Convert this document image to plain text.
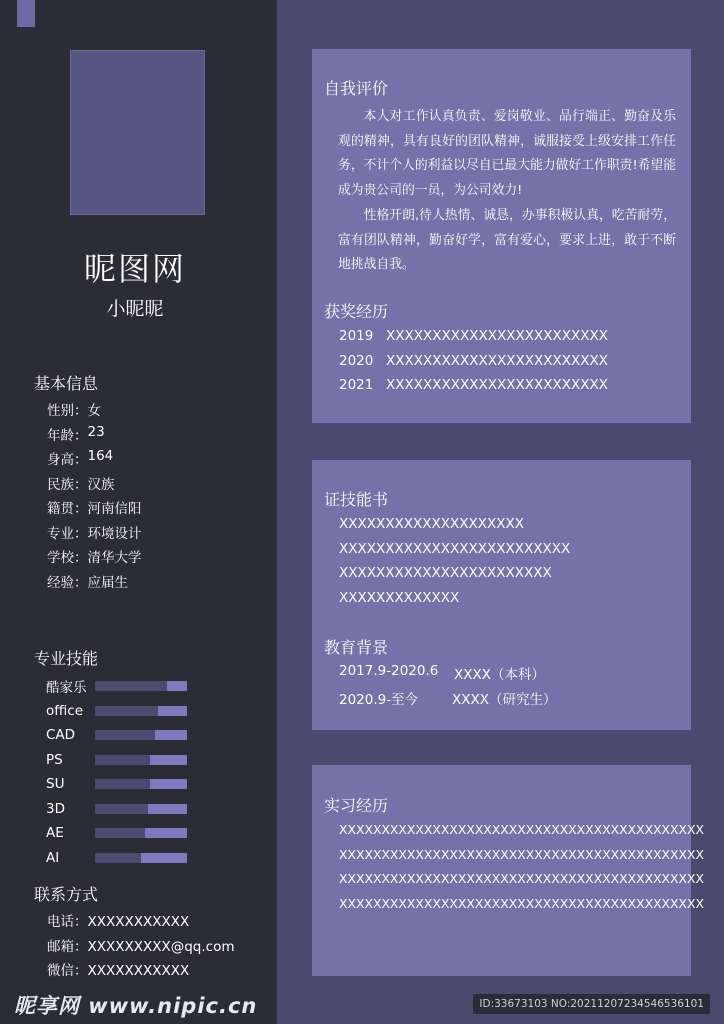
昵图网
小昵昵
基本信息
性别： 女
年龄： 23
身高： 164
民族： 汉族
籍贯： 河南信阳
专业： 环境设计
学校： 清华大学
经验： 应届生
专业技能
酷家乐
office
CAD
PS
SU
3D
AE
AI
联系方式
电话：XXXXXXXXXXX
邮箱：XXXXXXXXX@qq.com
微信：XXXXXXXXXXX
昵享网 www.nipic.cn	ID:33673103 NO:20211207234546536101
自我评价
本人对工作认真负责、爱岗敬业、品行端正、勤奋及乐观的精神，具有良好的团队精神，诚服接受上级安排工作任务，不计个人的利益以尽自已最大能力做好工作职责!希望能成为贵公司的一员，为公司效力!
性格开朗,待人热情、诚恳，办事积极认真，吃苦耐劳，富有团队精神，勤奋好学，富有爱心，要求上进，敢于不断地挑战自我。
获奖经历
2019 XXXXXXXXXXXXXXXXXXXXXXXX
2020 XXXXXXXXXXXXXXXXXXXXXXXX
2021 XXXXXXXXXXXXXXXXXXXXXXXX
证技能书
XXXXXXXXXXXXXXXXXXXX
XXXXXXXXXXXXXXXXXXXXXXXXX
XXXXXXXXXXXXXXXXXXXXXXX
XXXXXXXXXXXXX
教育背景
2017.9-2020.6	XXXX（本科）
2020.9-至今	XXXX（研究生）
实习经历
XXXXXXXXXXXXXXXXXXXXXXXXXXXXXXXXXXXXXXXXXXX
XXXXXXXXXXXXXXXXXXXXXXXXXXXXXXXXXXXXXXXXXXX
XXXXXXXXXXXXXXXXXXXXXXXXXXXXXXXXXXXXXXXXXXX
XXXXXXXXXXXXXXXXXXXXXXXXXXXXXXXXXXXXXXXXXXX
